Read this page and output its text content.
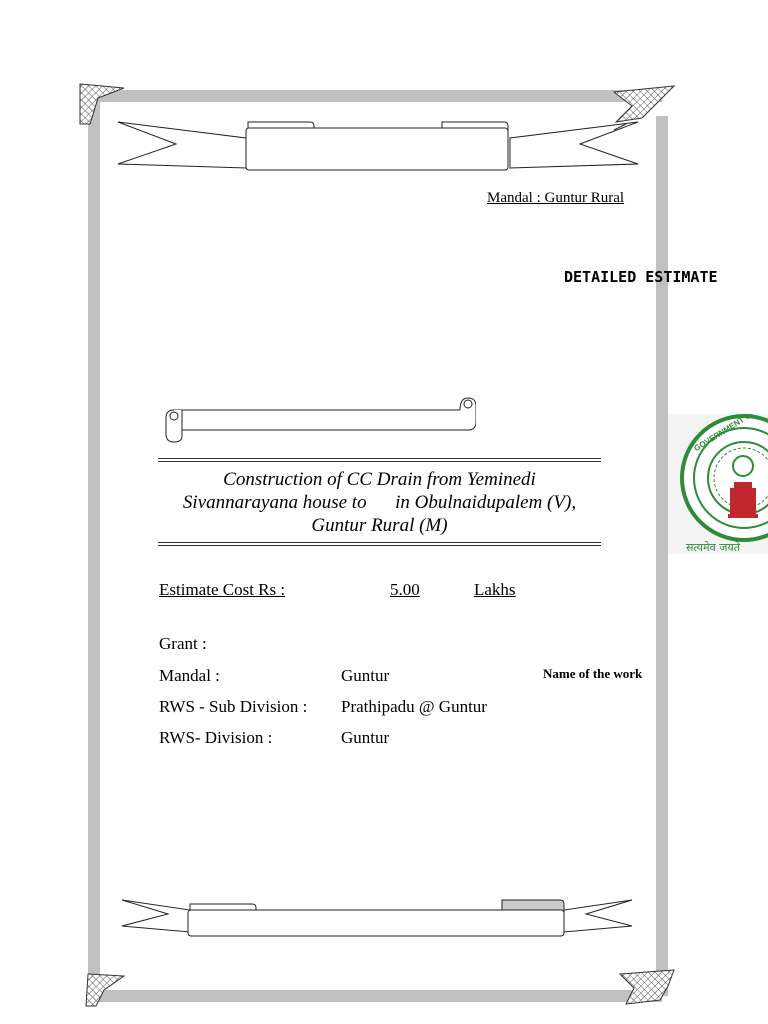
Mandal : Guntur Rural
DETAILED ESTIMATE
Construction of CC Drain from Yeminedi
Sivannarayana house to      in Obulnaidupalem (V),
Guntur Rural (M)
Estimate Cost Rs :	5.00	Lakhs
Grant :
Mandal :	Guntur
RWS - Sub Division : Prathipadu @ Guntur
RWS- Division :	Guntur
Name of the work
सत्यमेव जयते
